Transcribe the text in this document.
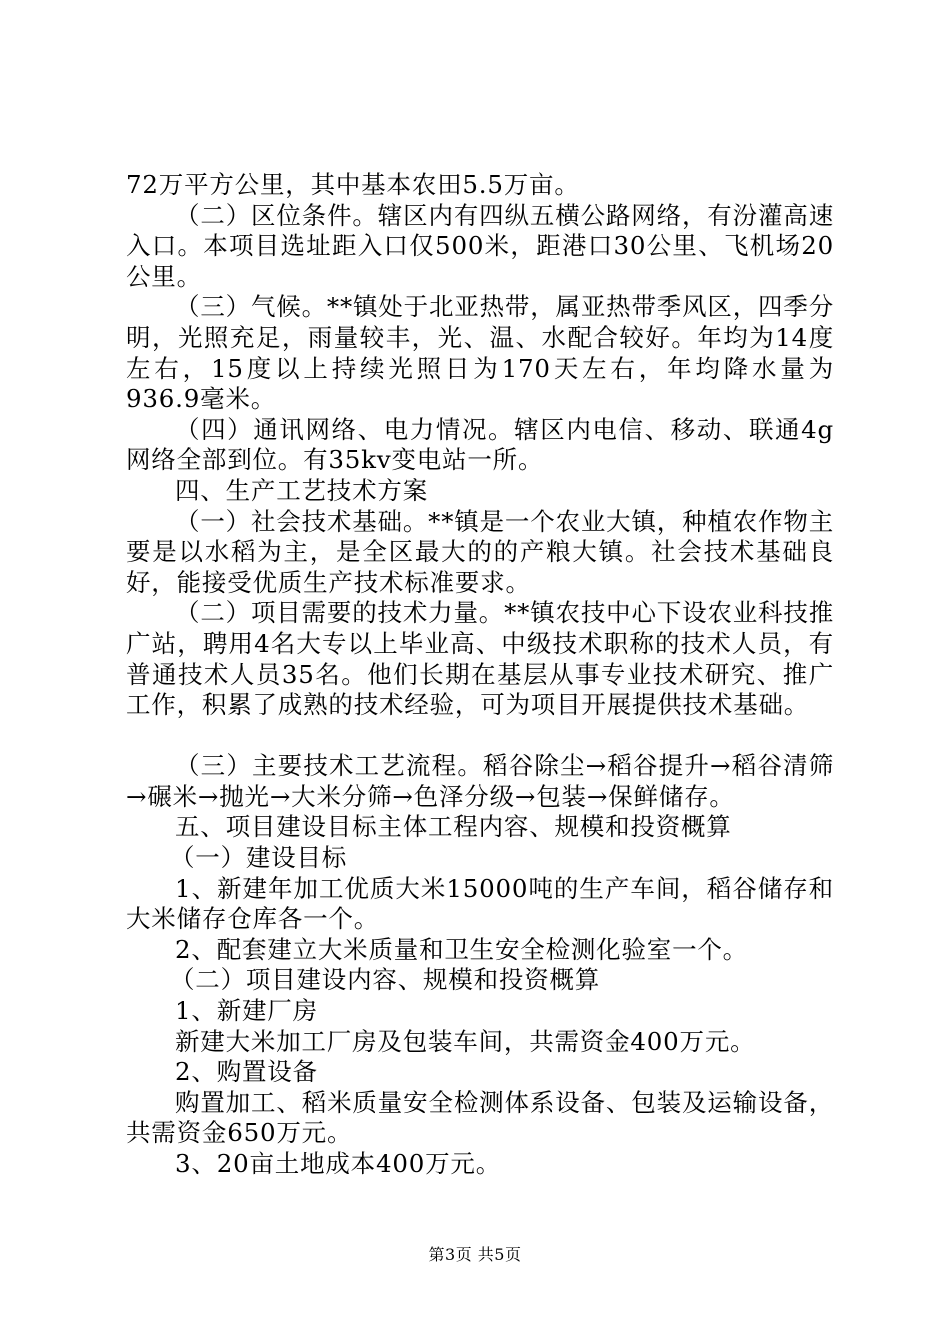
72万平方公里，其中基本农田5.5万亩。

（二）区位条件。辖区内有四纵五横公路网络，有汾灌高速入口。本项目选址距入口仅500米，距港口30公里、飞机场20公里。

（三）气候。**镇处于北亚热带，属亚热带季风区，四季分明，光照充足，雨量较丰，光、温、水配合较好。年均为14度左右，15度以上持续光照日为170天左右，年均降水量为936.9毫米。

（四）通讯网络、电力情况。辖区内电信、移动、联通4g网络全部到位。有35kv变电站一所。

四、生产工艺技术方案

（一）社会技术基础。**镇是一个农业大镇，种植农作物主要是以水稻为主，是全区最大的的产粮大镇。社会技术基础良好，能接受优质生产技术标准要求。

（二）项目需要的技术力量。**镇农技中心下设农业科技推广站，聘用4名大专以上毕业高、中级技术职称的技术人员，有普通技术人员35名。他们长期在基层从事专业技术研究、推广工作，积累了成熟的技术经验，可为项目开展提供技术基础。

（三）主要技术工艺流程。稻谷除尘→稻谷提升→稻谷清筛→碾米→抛光→大米分筛→色泽分级→包装→保鲜储存。

五、项目建设目标主体工程内容、规模和投资概算

（一）建设目标

1、新建年加工优质大米15000吨的生产车间，稻谷储存和大米储存仓库各一个。

2、配套建立大米质量和卫生安全检测化验室一个。

（二）项目建设内容、规模和投资概算

1、新建厂房

新建大米加工厂房及包装车间，共需资金400万元。

2、购置设备

购置加工、稻米质量安全检测体系设备、包装及运输设备，共需资金650万元。

3、20亩土地成本400万元。

第3页 共5页
